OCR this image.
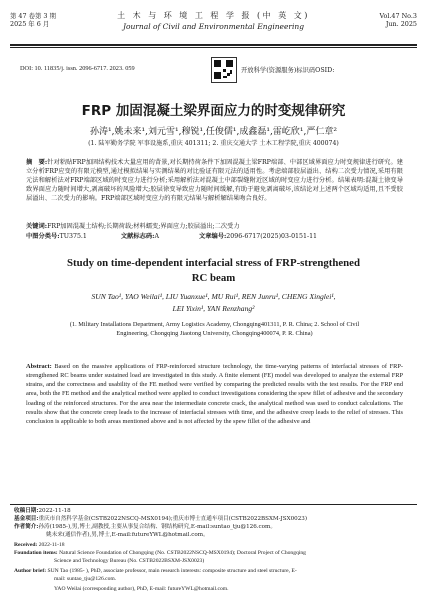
第 47 卷第 3 期
2025 年 6 月
土 木 与 环 境 工 程 学 报 (中 英 文)
Journal of Civil and Environmental Engineering
Vol.47 No.3
Jun. 2025
DOI: 10. 11835/j. issn. 2096-6717. 2023. 059	开放科学(资源服务)标识码OSID:
FRP 加固混凝土梁界面应力的时变规律研究
孙涛¹,姚未来¹,刘元雪¹,穆锐¹,任俊儒¹,成鑫磊¹,雷屹欣¹,严仁章²
(1. 陆军勤务学院 军事设施系,重庆 401311; 2. 重庆交通大学 土木工程学院,重庆 400074)
摘　要:针对粘贴FRP加固结构技术大量应用的背景,对长期持荷条件下加固混凝土梁FRP端部、中部区域界面应力时变规律进行研究。建立分析FRP应变的有限元模型,通过模拟结果与实测结果的对比验证有限元法的适用性。考虑端部胶层溢出、结构二次受力情况,采用有限元法和解析法对FRP端部区域的时变应力进行分析;采用解析法对混凝土中部裂缝附近区域的时变应力进行分析。结果表明:混凝土徐变导致界面应力随时间增大,剥离破坏的风险增大;胶层徐变导致应力随时间缓解,有助于避免剥离破坏,该结论对上述两个区域均适用,且不受胶层溢出、二次受力的影响。FRP端部区域时变应力的有限元结果与解析解结果吻合良好。
关键词:FRP加固混凝土结构;长期荷载;材料蠕变;界面应力;胶层溢出;二次受力
中图分类号:TU375.1	文献标志码:A	文章编号:2096-6717(2025)03-0151-11
Study on time-dependent interfacial stress of FRP-strengthened
RC beam
SUN Tao¹, YAO Weilai¹, LIU Yuanxue¹, MU Rui¹, REN Junru¹, CHENG Xinglei¹,
LEI Yixin¹, YAN Renzhang²
(1. Military Installations Department, Army Logistics Academy, Chongqing401311, P. R. China; 2. School of Civil
Engineering, Chongqing Jiaotong University, Chongqing400074, P. R. China)
Abstract: Based on the massive applications of FRP-reinforced structure technology, the time-varying patterns of interfacial stresses of FRP-strengthened RC beams under sustained load are investigated in this study. A finite element (FE) model was developed to analyze the external FRP strains, and the correctness and usability of the FE method were verified by comparing the predicted results with the test results. For the FRP end area, both the FE method and the analytical method were applied to conduct investigations considering the spew fillet of adhesive and the secondary loading of the reinforced structures. For the area near the intermediate concrete crack, the analytical method was used to conduct calculations. The results show that the concrete creep leads to the increase of interfacial stresses with time, and the adhesive creep leads to the relief of stresses. This conclusion is applicable to both areas mentioned above and is not affected by the spew fillet of the adhesive and
收稿日期:2022-11-18
基金项目:重庆市自然科学基金(CSTB2022NSCQ-MSX0194);重庆市博士直通车项目(CSTB2022BSXM-JSX0023)
作者简介:孙涛(1985-),男,博士,副教授,主要从事复合结构、钢结构研究,E-mail:suntao_tju@126.com。
姚未来(通信作者),男,博士,E-mail:futureYWL@hotmail.com。
Received: 2022-11-18
Foundation items: Natural Science Foundation of Chongqing (No. CSTB2022NSCQ-MSX0194); Doctoral Project of Chongqing
Science and Technology Bureau (No. CSTB2022BSXM-JSX0023)
Author brief: SUN Tao (1985- ), PhD, associate professor, main research interests: composite structure and steel structure, E-
mail: suntao_tju@126.com.
YAO Weilai (corresponding author), PhD, E-mail: futureYWL@hotmail.com.
